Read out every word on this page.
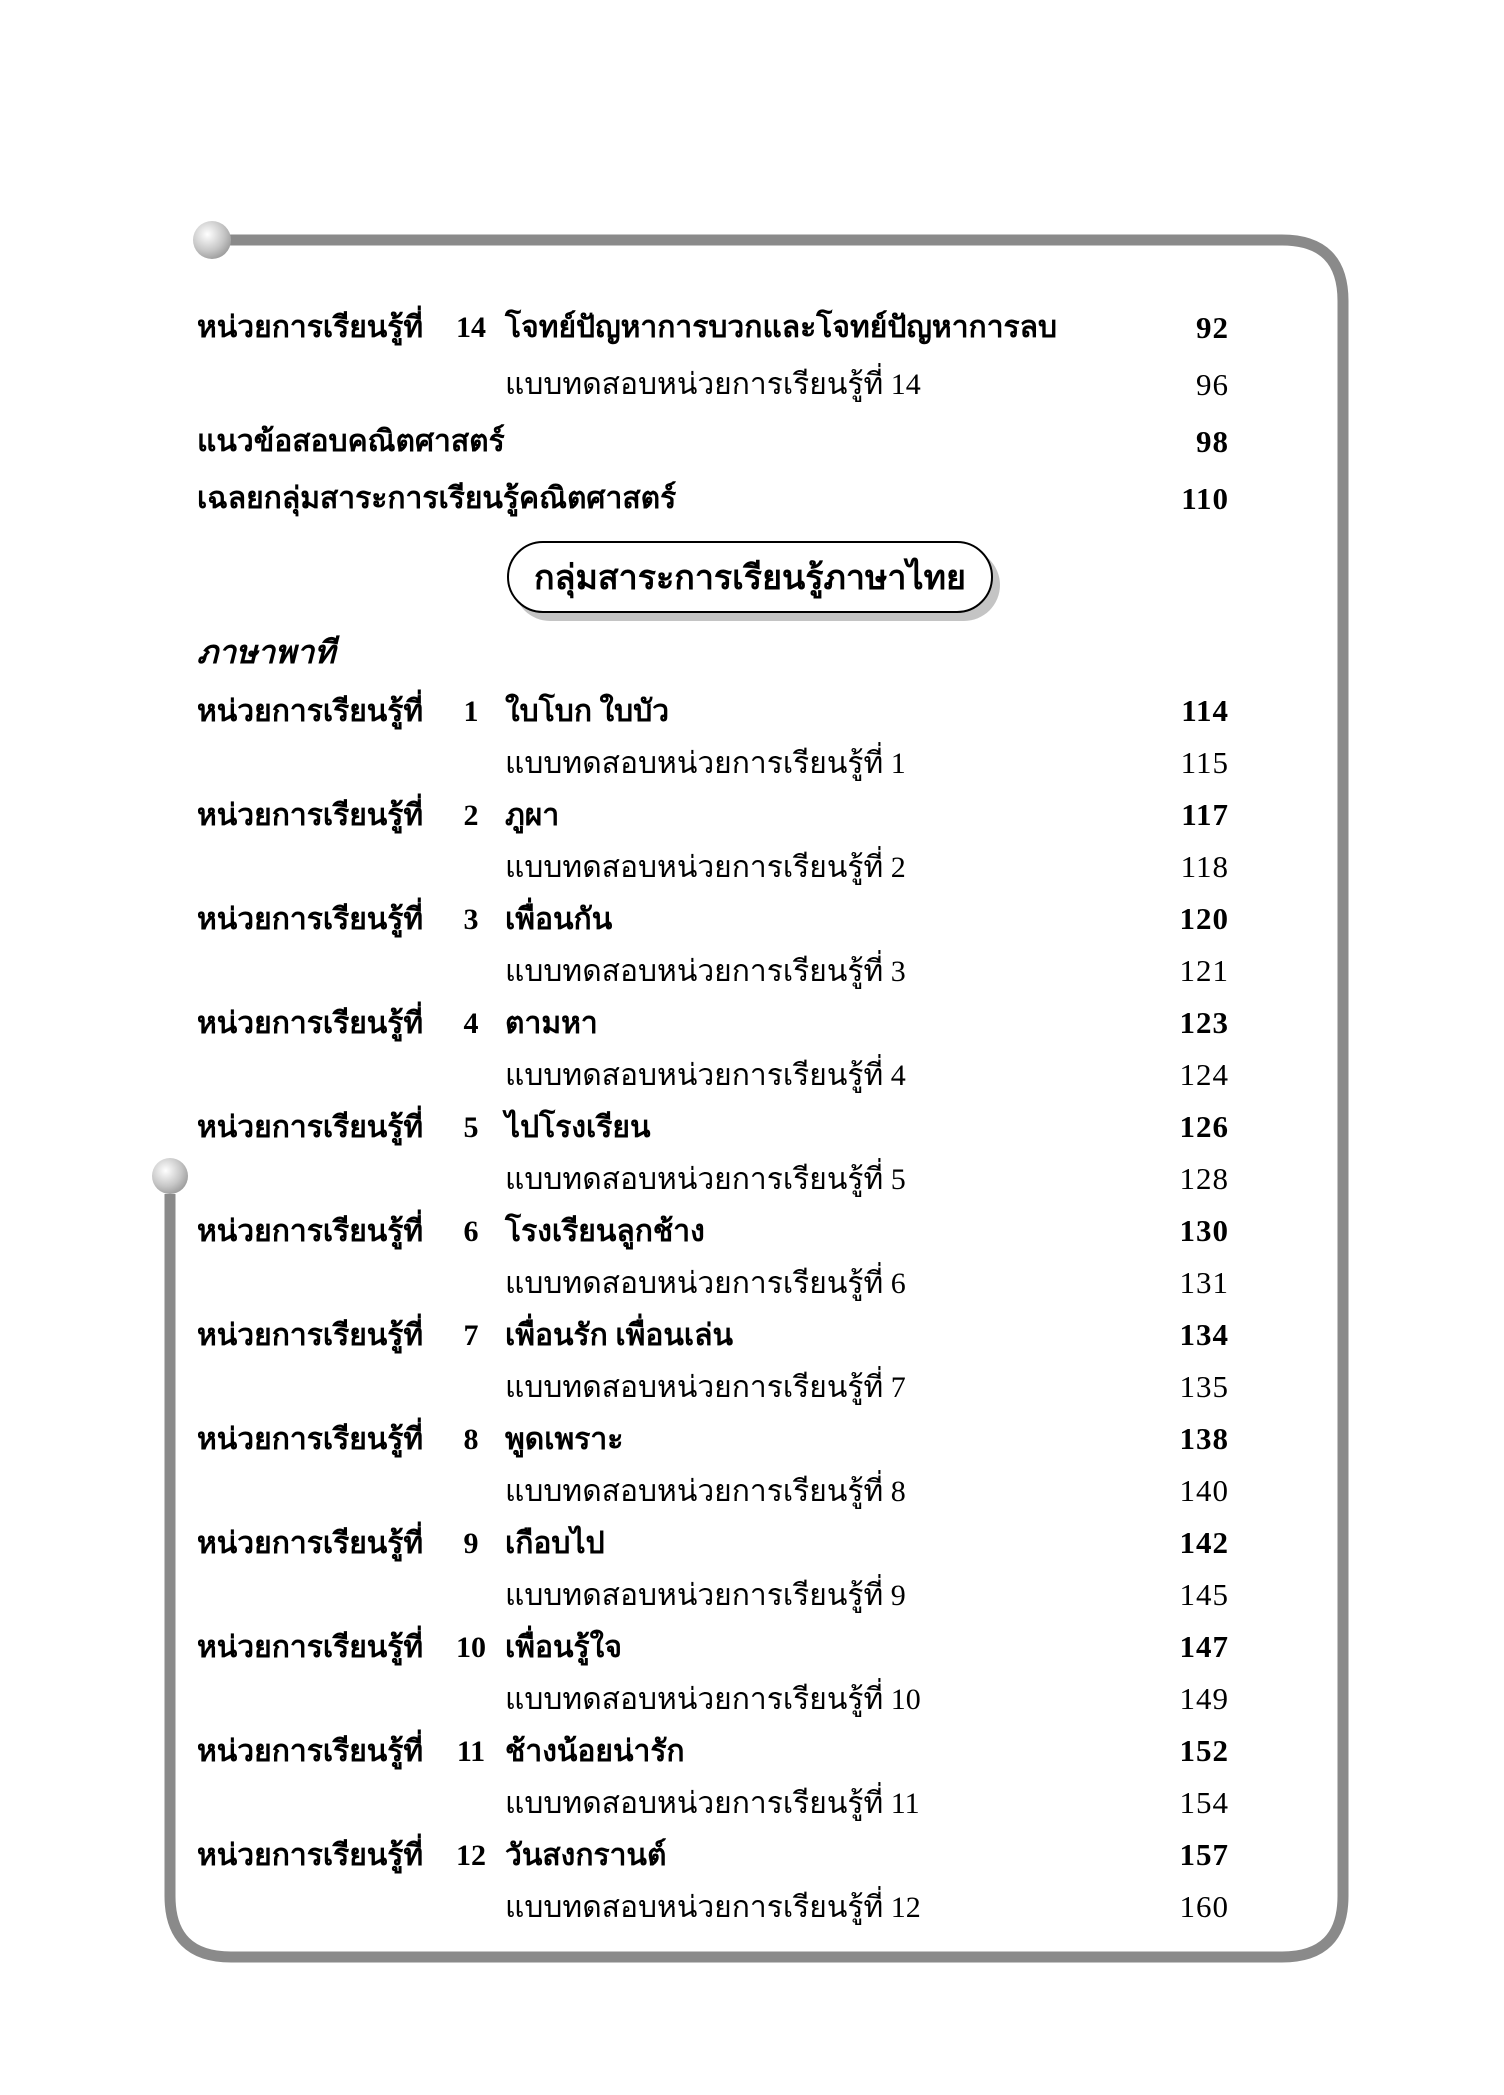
หน่วยการเรียนรู้ที่	14 โจทย์ปัญหาการบวกและโจทย์ปัญหาการลบ	92
แบบทดสอบหน่วยการเรียนรู้ที่ 14	96
แนวข้อสอบคณิตศาสตร์	98
เฉลยกลุ่มสาระการเรียนรู้คณิตศาสตร์	110
กลุ่มสาระการเรียนรู้ภาษาไทย
ภาษาพาที
หน่วยการเรียนรู้ที่	1 ใบโบก ใบบัว	114
แบบทดสอบหน่วยการเรียนรู้ที่ 1	115
หน่วยการเรียนรู้ที่	2 ภูผา	117
แบบทดสอบหน่วยการเรียนรู้ที่ 2	118
หน่วยการเรียนรู้ที่	3 เพื่อนกัน	120
แบบทดสอบหน่วยการเรียนรู้ที่ 3	121
หน่วยการเรียนรู้ที่	4 ตามหา	123
แบบทดสอบหน่วยการเรียนรู้ที่ 4	124
หน่วยการเรียนรู้ที่	5 ไปโรงเรียน	126
แบบทดสอบหน่วยการเรียนรู้ที่ 5	128
หน่วยการเรียนรู้ที่	6 โรงเรียนลูกช้าง	130
แบบทดสอบหน่วยการเรียนรู้ที่ 6	131
หน่วยการเรียนรู้ที่	7 เพื่อนรัก เพื่อนเล่น	134
แบบทดสอบหน่วยการเรียนรู้ที่ 7	135
หน่วยการเรียนรู้ที่	8 พูดเพราะ	138
แบบทดสอบหน่วยการเรียนรู้ที่ 8	140
หน่วยการเรียนรู้ที่	9 เกือบไป	142
แบบทดสอบหน่วยการเรียนรู้ที่ 9	145
หน่วยการเรียนรู้ที่	10 เพื่อนรู้ใจ	147
แบบทดสอบหน่วยการเรียนรู้ที่ 10	149
หน่วยการเรียนรู้ที่	11 ช้างน้อยน่ารัก	152
แบบทดสอบหน่วยการเรียนรู้ที่ 11	154
หน่วยการเรียนรู้ที่	12 วันสงกรานต์	157
แบบทดสอบหน่วยการเรียนรู้ที่ 12	160
